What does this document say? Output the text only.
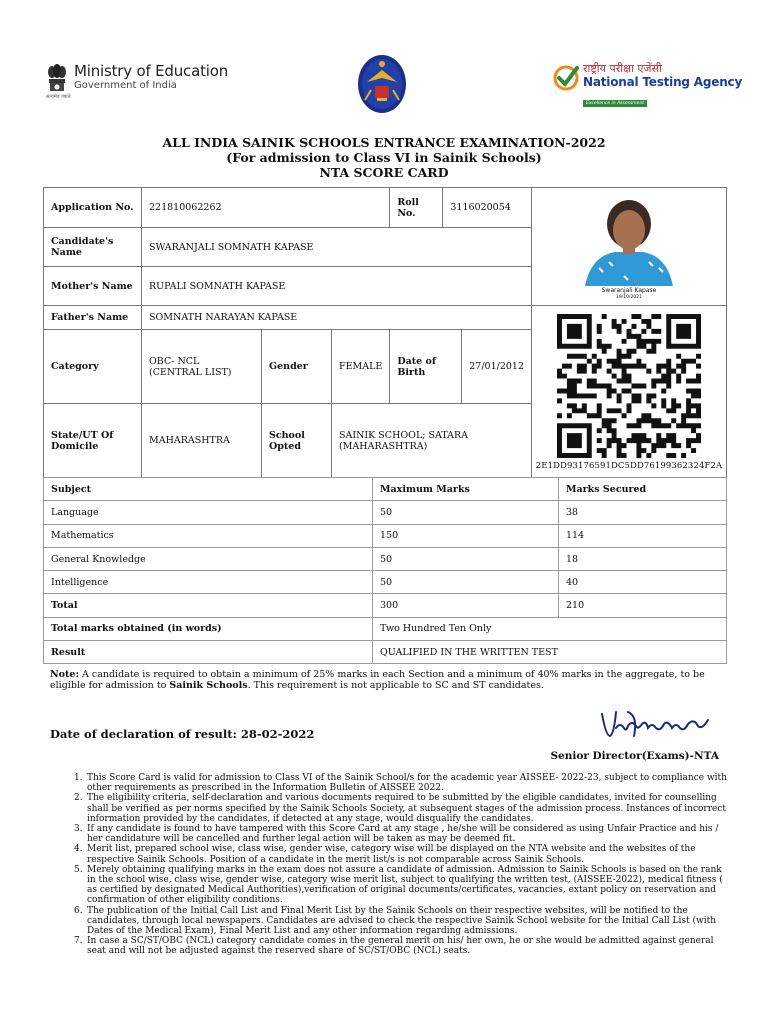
Ministry of Education
Government of India
सत्यमेव जयते
राष्ट्रीय परीक्षा एजेंसी
National Testing Agency
Excellence in Assessment
ALL INDIA SAINIK SCHOOLS ENTRANCE EXAMINATION-2022
(For admission to Class VI in Sainik Schools)
NTA SCORE CARD
Application No.	221810062262			Roll No.	3116020054		Swaranjali Kapase
19/10/2021

Candidate's Name	SWARANJALI SOMNATH KAPASE						
Mother's Name	RUPALI SOMNATH KAPASE						
Father's Name	SOMNATH NARAYAN KAPASE						2E1DD93176591DC5DD76199362324F2A

Category	OBC- NCL (CENTRAL LIST)	Gender	FEMALE	Date of Birth		27/01/2012	
State/UT Of Domicile	MAHARASHTRA	School Opted	SAINIK SCHOOL; SATARA (MAHARASHTRA)				
Subject	Maximum Marks	Marks Secured
Language	50	38
Mathematics	150	114
General Knowledge	50	18
Intelligence	50	40
Total	300	210
Total marks obtained (in words)	Two Hundred Ten Only	
Result	QUALIFIED IN THE WRITTEN TEST	
Note: A candidate is required to obtain a minimum of 25% marks in each Section and a minimum of 40% marks in the aggregate, to be eligible for admission to Sainik Schools. This requirement is not applicable to SC and ST candidates.
Date of declaration of result: 28-02-2022
Senior Director(Exams)-NTA
1. This Score Card is valid for admission to Class VI of the Sainik School/s for the academic year AISSEE- 2022-23, subject to compliance with other requirements as prescribed in the Information Bulletin of AISSEE 2022.
2. The eligibility criteria, self-declaration and various documents required to be submitted by the eligible candidates, invited for counselling shall be verified as per norms specified by the Sainik Schools Society, at subsequent stages of the admission process. Instances of incorrect information provided by the candidates, if detected at any stage, would disqualify the candidates.
3. If any candidate is found to have tampered with this Score Card at any stage , he/she will be considered as using Unfair Practice and his / her candidature will be cancelled and further legal action will be taken as may be deemed fit.
4. Merit list, prepared school wise, class wise, gender wise, category wise will be displayed on the NTA website and the websites of the respective Sainik Schools. Position of a candidate in the merit list/s is not comparable across Sainik Schools.
5. Merely obtaining qualifying marks in the exam does not assure a candidate of admission. Admission to Sainik Schools is based on the rank in the school wise, class wise, gender wise, category wise merit list, subject to qualifying the written test, (AISSEE-2022), medical fitness ( as certified by designated Medical Authorities),verification of original documents/certificates, vacancies, extant policy on reservation and confirmation of other eligibility conditions.
6. The publication of the Initial Call List and Final Merit List by the Sainik Schools on their respective websites, will be notified to the candidates, through local newspapers. Candidates are advised to check the respective Sainik School website for the Initial Call List (with Dates of the Medical Exam), Final Merit List and any other information regarding admissions.
7. In case a SC/ST/OBC (NCL) category candidate comes in the general merit on his/ her own, he or she would be admitted against general seat and will not be adjusted against the reserved share of SC/ST/OBC (NCL) seats.
